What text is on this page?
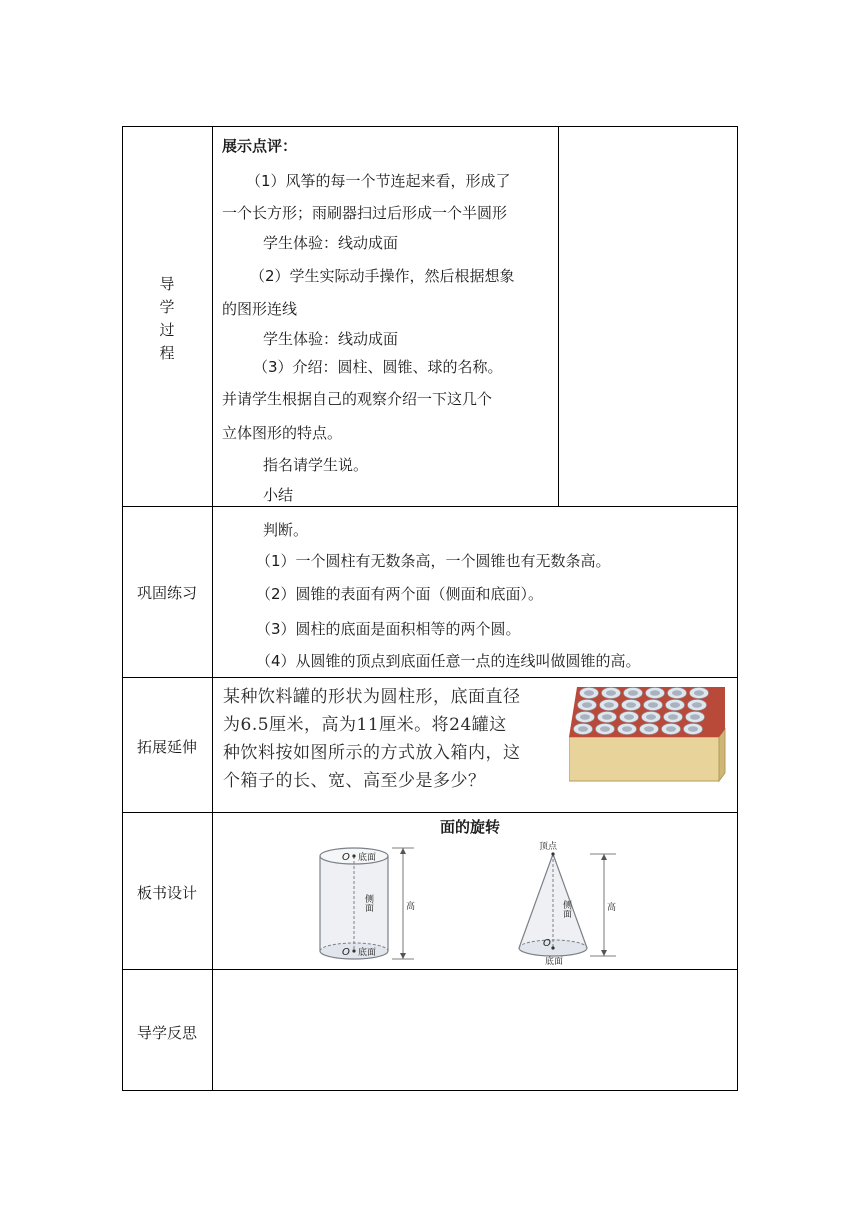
导
学
过
程
展示点评：
（1）风筝的每一个节连起来看，形成了
一个长方形；雨刷器扫过后形成一个半圆形
学生体验：线动成面
（2）学生实际动手操作，然后根据想象
的图形连线
学生体验：线动成面
（3）介绍：圆柱、圆锥、球的名称。
并请学生根据自己的观察介绍一下这几个
立体图形的特点。
指名请学生说。
小结
巩固练习
判断。
（1）一个圆柱有无数条高，一个圆锥也有无数条高。
（2）圆锥的表面有两个面（侧面和底面）。
（3）圆柱的底面是面积相等的两个圆。
（4）从圆锥的顶点到底面任意一点的连线叫做圆锥的高。
拓展延伸
某种饮料罐的形状为圆柱形，底面直径
为6.5厘米，高为11厘米。将24罐这
种饮料按如图所示的方式放入箱内，这
个箱子的长、宽、高至少是多少？
板书设计
面的旋转
O 底面
O 底面
侧面	高
顶点
侧面	高
O
底面
导学反思
